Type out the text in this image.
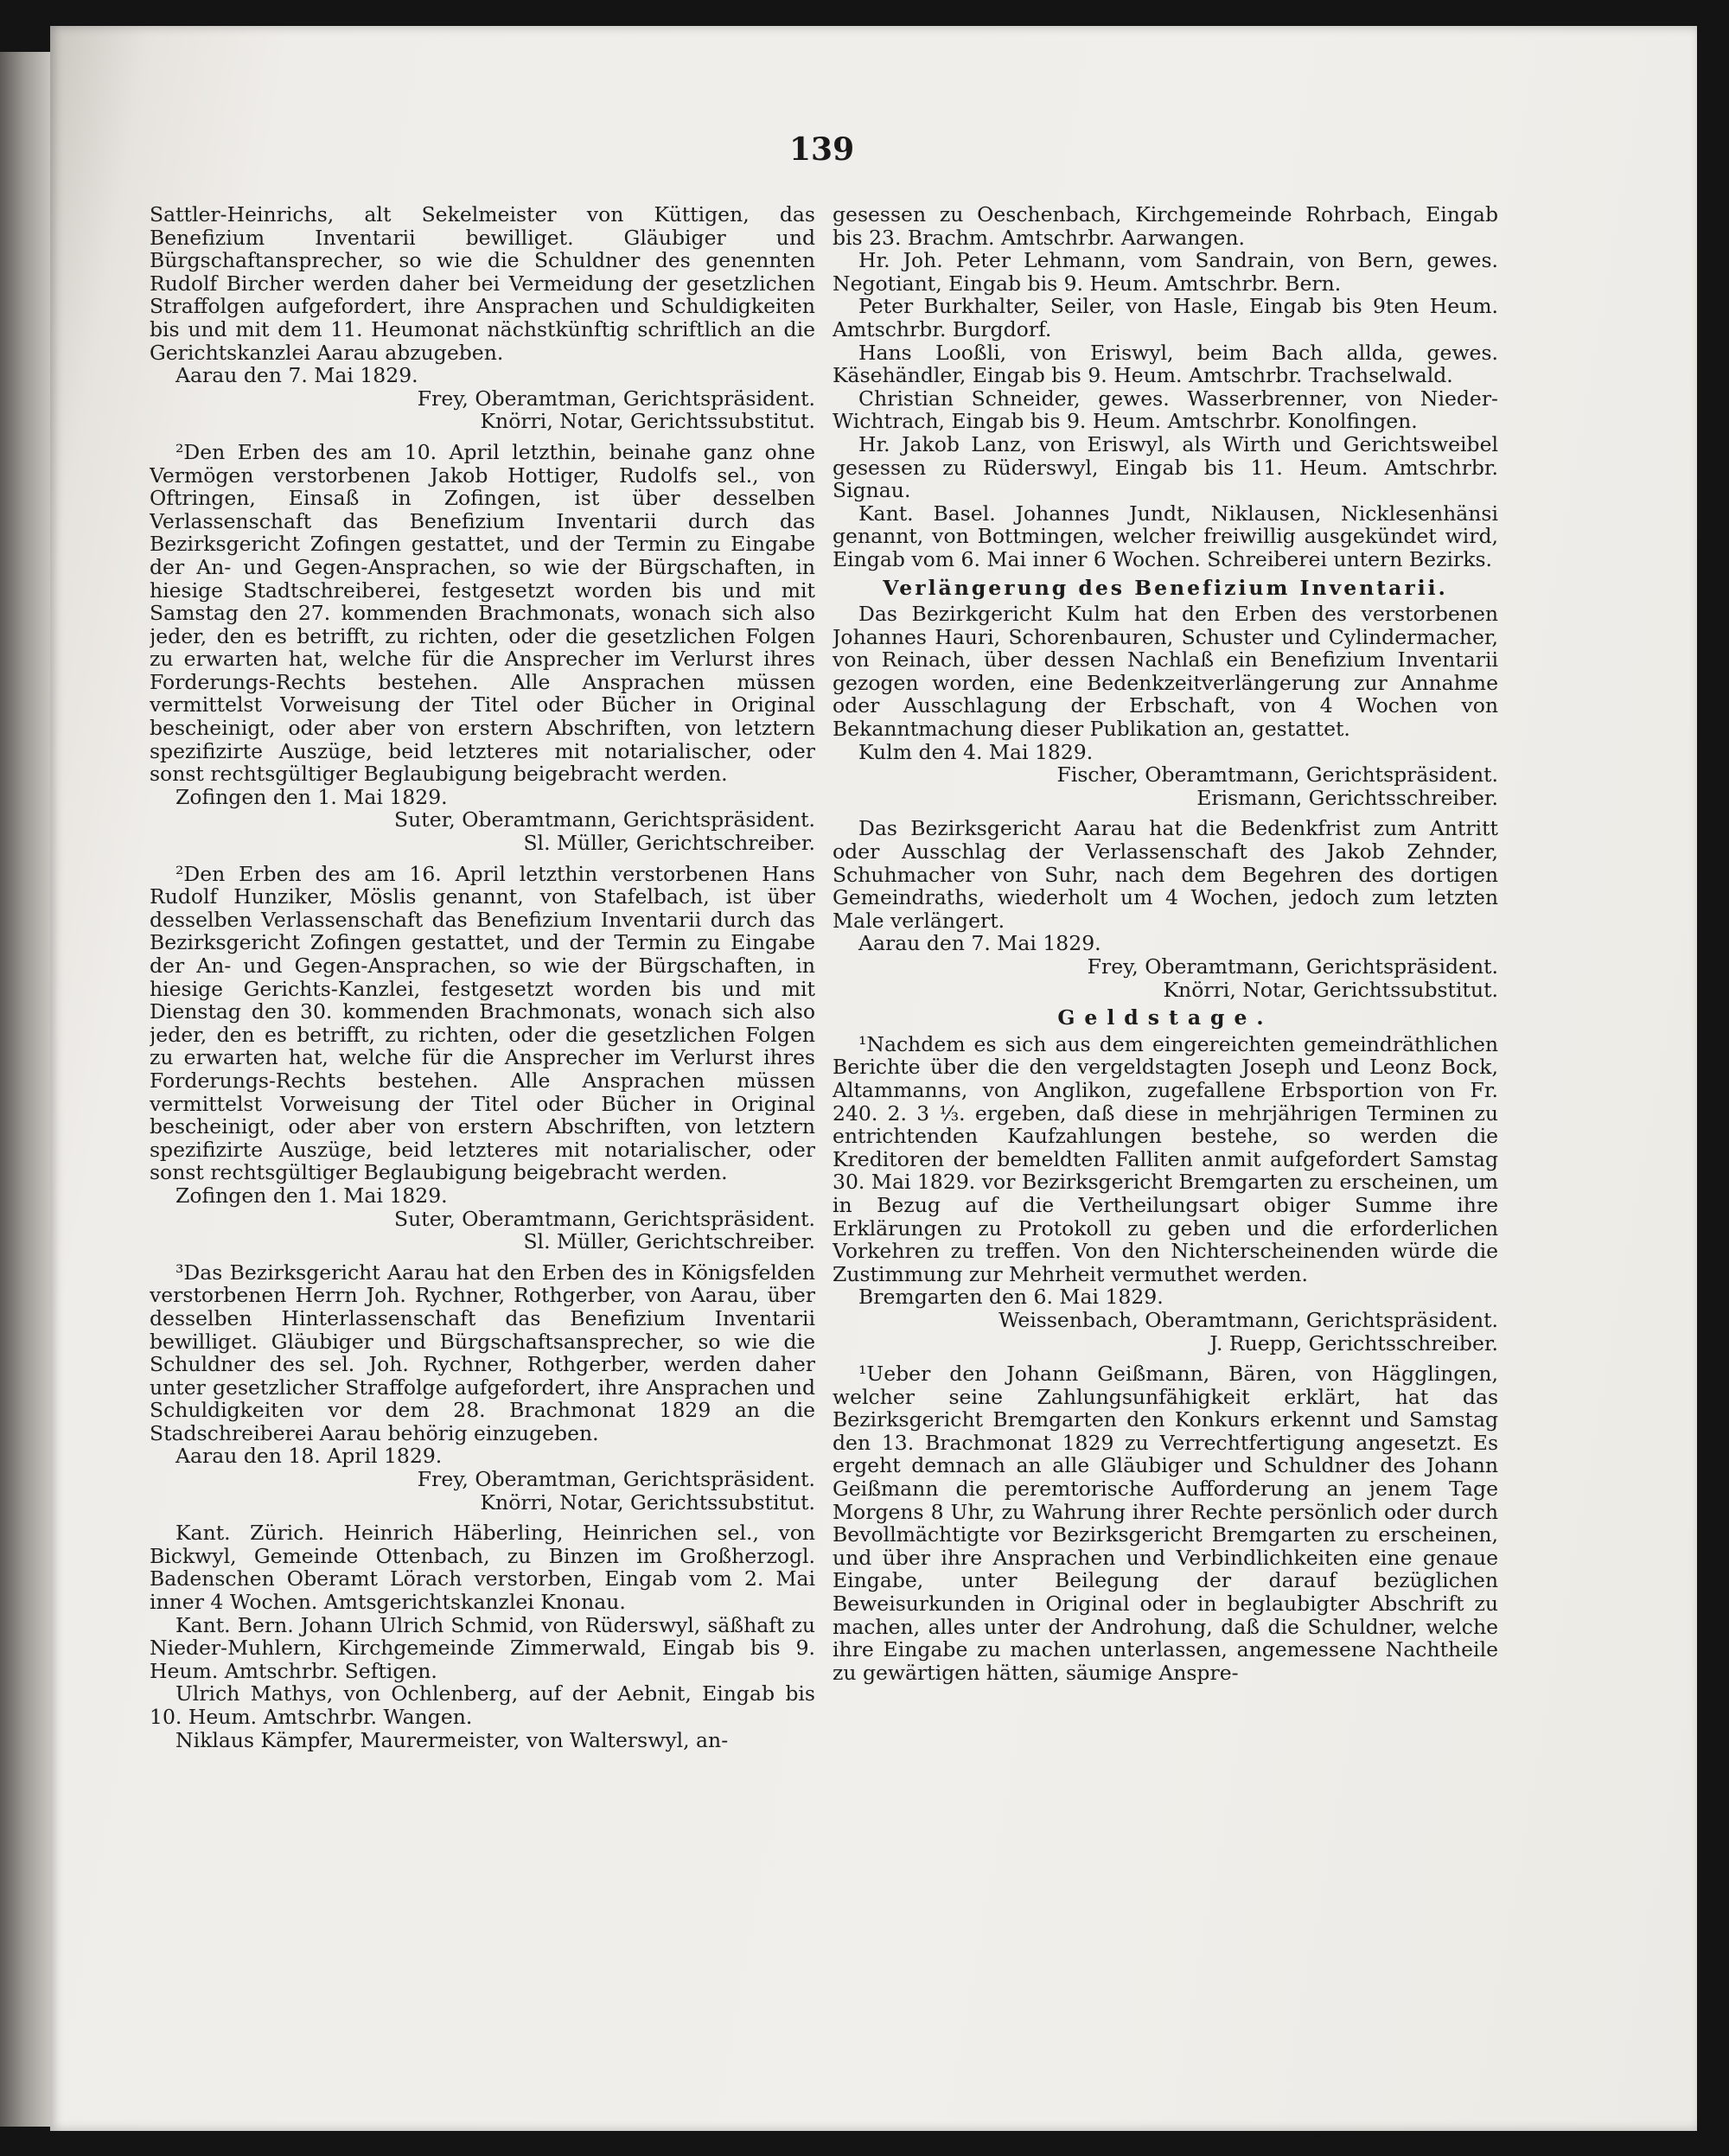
139

Sattler-Heinrichs, alt Sekelmeister von Küttigen, das Benefizium Inventarii bewilliget. Gläubiger und Bürgschaftansprecher, so wie die Schuldner des genennten Rudolf Bircher werden daher bei Vermeidung der gesetzlichen Straffolgen aufgefordert, ihre Ansprachen und Schuldigkeiten bis und mit dem 11. Heumonat nächstkünftig schriftlich an die Gerichtskanzlei Aarau abzugeben.

Aarau den 7. Mai 1829.

Frey, Oberamtman, Gerichtspräsident.

Knörri, Notar, Gerichtssubstitut.

²Den Erben des am 10. April letzthin, beinahe ganz ohne Vermögen verstorbenen Jakob Hottiger, Rudolfs sel., von Oftringen, Einsaß in Zofingen, ist über desselben Verlassenschaft das Benefizium Inventarii durch das Bezirksgericht Zofingen gestattet, und der Termin zu Eingabe der An- und Gegen-Ansprachen, so wie der Bürgschaften, in hiesige Stadtschreiberei, festgesetzt worden bis und mit Samstag den 27. kommenden Brachmonats, wonach sich also jeder, den es betrifft, zu richten, oder die gesetzlichen Folgen zu erwarten hat, welche für die Ansprecher im Verlurst ihres Forderungs-Rechts bestehen. Alle Ansprachen müssen vermittelst Vorweisung der Titel oder Bücher in Original bescheinigt, oder aber von erstern Abschriften, von letztern spezifizirte Auszüge, beid letzteres mit notarialischer, oder sonst rechtsgültiger Beglaubigung beigebracht werden.

Zofingen den 1. Mai 1829.

Suter, Oberamtmann, Gerichtspräsident.

Sl. Müller, Gerichtschreiber.

²Den Erben des am 16. April letzthin verstorbenen Hans Rudolf Hunziker, Möslis genannt, von Stafelbach, ist über desselben Verlassenschaft das Benefizium Inventarii durch das Bezirksgericht Zofingen gestattet, und der Termin zu Eingabe der An- und Gegen-Ansprachen, so wie der Bürgschaften, in hiesige Gerichts-Kanzlei, festgesetzt worden bis und mit Dienstag den 30. kommenden Brachmonats, wonach sich also jeder, den es betrifft, zu richten, oder die gesetzlichen Folgen zu erwarten hat, welche für die Ansprecher im Verlurst ihres Forderungs-Rechts bestehen. Alle Ansprachen müssen vermittelst Vorweisung der Titel oder Bücher in Original bescheinigt, oder aber von erstern Abschriften, von letztern spezifizirte Auszüge, beid letzteres mit notarialischer, oder sonst rechtsgültiger Beglaubigung beigebracht werden.

Zofingen den 1. Mai 1829.

Suter, Oberamtmann, Gerichtspräsident.

Sl. Müller, Gerichtschreiber.

³Das Bezirksgericht Aarau hat den Erben des in Königsfelden verstorbenen Herrn Joh. Rychner, Rothgerber, von Aarau, über desselben Hinterlassenschaft das Benefizium Inventarii bewilliget. Gläubiger und Bürgschaftsansprecher, so wie die Schuldner des sel. Joh. Rychner, Rothgerber, werden daher unter gesetzlicher Straffolge aufgefordert, ihre Ansprachen und Schuldigkeiten vor dem 28. Brachmonat 1829 an die Stadschreiberei Aarau behörig einzugeben.

Aarau den 18. April 1829.

Frey, Oberamtman, Gerichtspräsident.

Knörri, Notar, Gerichtssubstitut.

Kant. Zürich. Heinrich Häberling, Heinrichen sel., von Bickwyl, Gemeinde Ottenbach, zu Binzen im Großherzogl. Badenschen Oberamt Lörach verstorben, Eingab vom 2. Mai inner 4 Wochen. Amtsgerichtskanzlei Knonau.

Kant. Bern. Johann Ulrich Schmid, von Rüderswyl, säßhaft zu Nieder-Muhlern, Kirchgemeinde Zimmerwald, Eingab bis 9. Heum. Amtschrbr. Seftigen.

Ulrich Mathys, von Ochlenberg, auf der Aebnit, Eingab bis 10. Heum. Amtschrbr. Wangen.

Niklaus Kämpfer, Maurermeister, von Walterswyl, an-

gesessen zu Oeschenbach, Kirchgemeinde Rohrbach, Eingab bis 23. Brachm. Amtschrbr. Aarwangen.

Hr. Joh. Peter Lehmann, vom Sandrain, von Bern, gewes. Negotiant, Eingab bis 9. Heum. Amtschrbr. Bern.

Peter Burkhalter, Seiler, von Hasle, Eingab bis 9ten Heum. Amtschrbr. Burgdorf.

Hans Looßli, von Eriswyl, beim Bach allda, gewes. Käsehändler, Eingab bis 9. Heum. Amtschrbr. Trachselwald.

Christian Schneider, gewes. Wasserbrenner, von Nieder-Wichtrach, Eingab bis 9. Heum. Amtschrbr. Konolfingen.

Hr. Jakob Lanz, von Eriswyl, als Wirth und Gerichtsweibel gesessen zu Rüderswyl, Eingab bis 11. Heum. Amtschrbr. Signau.

Kant. Basel. Johannes Jundt, Niklausen, Nicklesenhänsi genannt, von Bottmingen, welcher freiwillig ausgekündet wird, Eingab vom 6. Mai inner 6 Wochen. Schreiberei untern Bezirks.

Verlängerung des Benefizium Inventarii.

Das Bezirkgericht Kulm hat den Erben des verstorbenen Johannes Hauri, Schorenbauren, Schuster und Cylindermacher, von Reinach, über dessen Nachlaß ein Benefizium Inventarii gezogen worden, eine Bedenkzeitverlängerung zur Annahme oder Ausschlagung der Erbschaft, von 4 Wochen von Bekanntmachung dieser Publikation an, gestattet.

Kulm den 4. Mai 1829.

Fischer, Oberamtmann, Gerichtspräsident.

Erismann, Gerichtsschreiber.

Das Bezirksgericht Aarau hat die Bedenkfrist zum Antritt oder Ausschlag der Verlassenschaft des Jakob Zehnder, Schuhmacher von Suhr, nach dem Begehren des dortigen Gemeindraths, wiederholt um 4 Wochen, jedoch zum letzten Male verlängert.

Aarau den 7. Mai 1829.

Frey, Oberamtmann, Gerichtspräsident.

Knörri, Notar, Gerichtssubstitut.

Geldstage.

¹Nachdem es sich aus dem eingereichten gemeindräthlichen Berichte über die den vergeldstagten Joseph und Leonz Bock, Altammanns, von Anglikon, zugefallene Erbsportion von Fr. 240. 2. 3 ⅓. ergeben, daß diese in mehrjährigen Terminen zu entrichtenden Kaufzahlungen bestehe, so werden die Kreditoren der bemeldten Falliten anmit aufgefordert Samstag 30. Mai 1829. vor Bezirksgericht Bremgarten zu erscheinen, um in Bezug auf die Vertheilungsart obiger Summe ihre Erklärungen zu Protokoll zu geben und die erforderlichen Vorkehren zu treffen. Von den Nichterscheinenden würde die Zustimmung zur Mehrheit vermuthet werden.

Bremgarten den 6. Mai 1829.

Weissenbach, Oberamtmann, Gerichtspräsident.

J. Ruepp, Gerichtsschreiber.

¹Ueber den Johann Geißmann, Bären, von Hägglingen, welcher seine Zahlungsunfähigkeit erklärt, hat das Bezirksgericht Bremgarten den Konkurs erkennt und Samstag den 13. Brachmonat 1829 zu Verrechtfertigung angesetzt. Es ergeht demnach an alle Gläubiger und Schuldner des Johann Geißmann die peremtorische Aufforderung an jenem Tage Morgens 8 Uhr, zu Wahrung ihrer Rechte persönlich oder durch Bevollmächtigte vor Bezirksgericht Bremgarten zu erscheinen, und über ihre Ansprachen und Verbindlichkeiten eine genaue Eingabe, unter Beilegung der darauf bezüglichen Beweisurkunden in Original oder in beglaubigter Abschrift zu machen, alles unter der Androhung, daß die Schuldner, welche ihre Eingabe zu machen unterlassen, angemessene Nachtheile zu gewärtigen hätten, säumige Anspre-
